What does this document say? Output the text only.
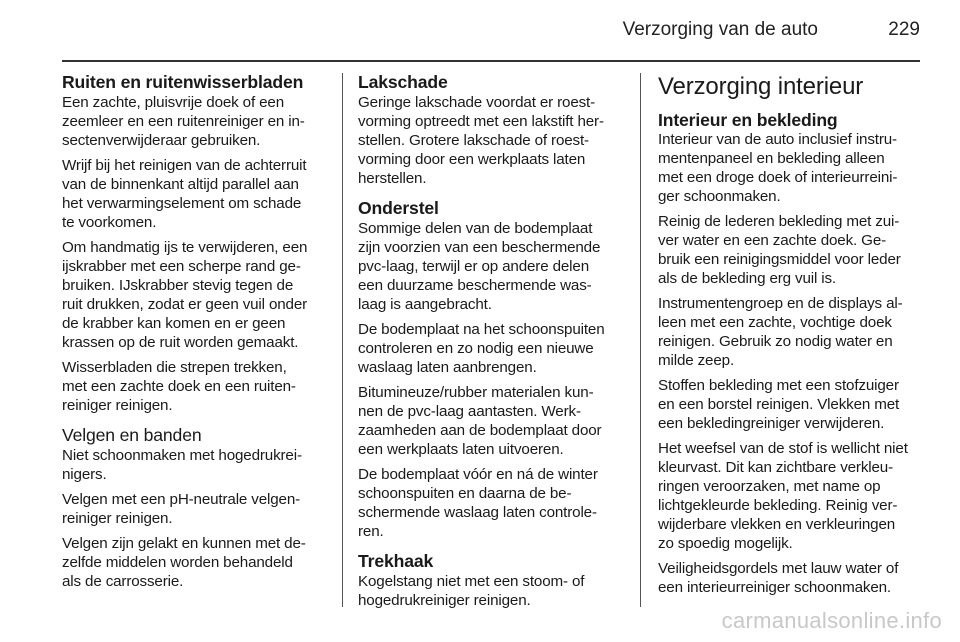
Verzorging van de auto	229
Ruiten en ruitenwisserbladen

Een zachte, pluisvrije doek of een
zeemleer en een ruitenreiniger en in-
sectenverwijderaar gebruiken.

Wrijf bij het reinigen van de achterruit
van de binnenkant altijd parallel aan
het verwarmingselement om schade
te voorkomen.

Om handmatig ijs te verwijderen, een
ijskrabber met een scherpe rand ge-
bruiken. IJskrabber stevig tegen de
ruit drukken, zodat er geen vuil onder
de krabber kan komen en er geen
krassen op de ruit worden gemaakt.

Wisserbladen die strepen trekken,
met een zachte doek en een ruiten-
reiniger reinigen.

Velgen en banden

Niet schoonmaken met hogedrukrei-
nigers.

Velgen met een pH-neutrale velgen-
reiniger reinigen.

Velgen zijn gelakt en kunnen met de-
zelfde middelen worden behandeld
als de carrosserie.

Lakschade

Geringe lakschade voordat er roest-
vorming optreedt met een lakstift her-
stellen. Grotere lakschade of roest-
vorming door een werkplaats laten
herstellen.

Onderstel

Sommige delen van de bodemplaat
zijn voorzien van een beschermende
pvc-laag, terwijl er op andere delen
een duurzame beschermende was-
laag is aangebracht.

De bodemplaat na het schoonspuiten
controleren en zo nodig een nieuwe
waslaag laten aanbrengen.

Bitumineuze/rubber materialen kun-
nen de pvc-laag aantasten. Werk-
zaamheden aan de bodemplaat door
een werkplaats laten uitvoeren.

De bodemplaat vóór en ná de winter
schoonspuiten en daarna de be-
schermende waslaag laten controle-
ren.

Trekhaak

Kogelstang niet met een stoom- of
hogedrukreiniger reinigen.

Verzorging interieur
Interieur en bekleding

Interieur van de auto inclusief instru-
mentenpaneel en bekleding alleen
met een droge doek of interieurreini-
ger schoonmaken.

Reinig de lederen bekleding met zui-
ver water en een zachte doek. Ge-
bruik een reinigingsmiddel voor leder
als de bekleding erg vuil is.

Instrumentengroep en de displays al-
leen met een zachte, vochtige doek
reinigen. Gebruik zo nodig water en
milde zeep.

Stoffen bekleding met een stofzuiger
en een borstel reinigen. Vlekken met
een bekledingreiniger verwijderen.

Het weefsel van de stof is wellicht niet
kleurvast. Dit kan zichtbare verkleu-
ringen veroorzaken, met name op
lichtgekleurde bekleding. Reinig ver-
wijderbare vlekken en verkleuringen
zo spoedig mogelijk.

Veiligheidsgordels met lauw water of
een interieurreiniger schoonmaken.

carmanualsonline.info
